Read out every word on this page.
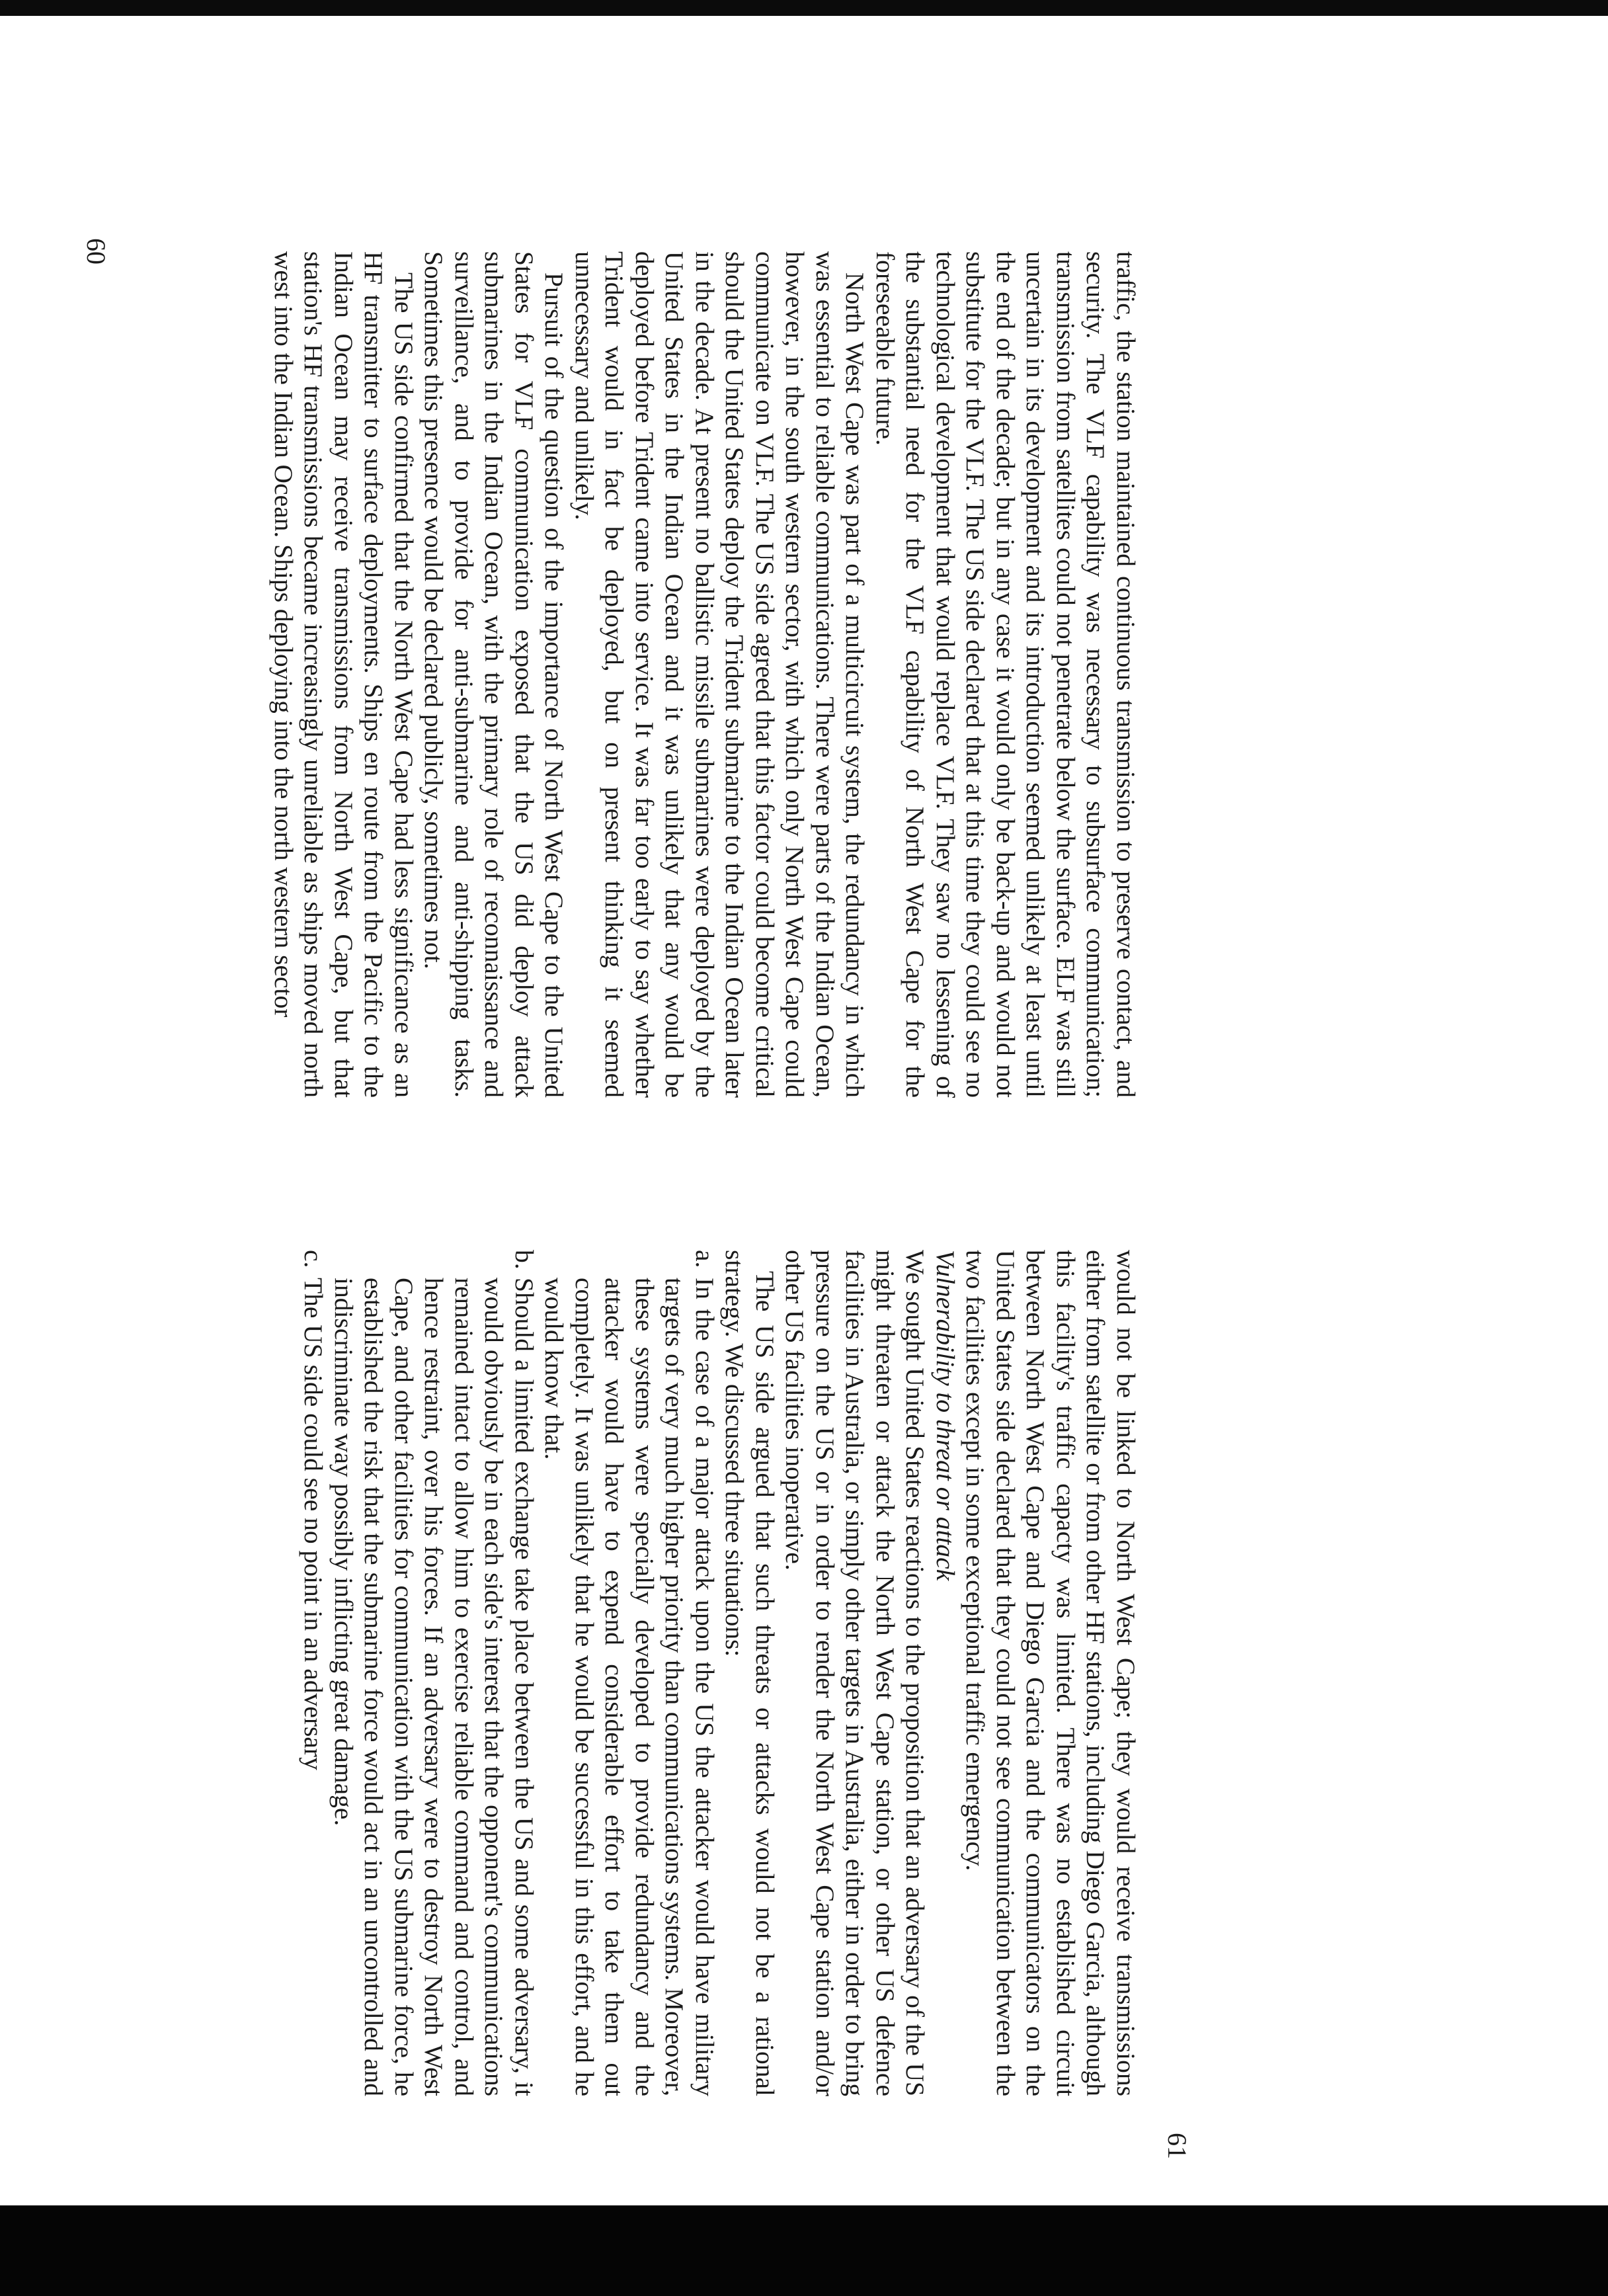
traffic, the station maintained continuous transmission to preserve contact, and security. The VLF capability was necessary to subsurface communication; transmission from satellites could not penetrate below the surface. ELF was still uncertain in its development and its introduction seemed unlikely at least until the end of the decade; but in any case it would only be back-up and would not substitute for the VLF. The US side declared that at this time they could see no technological development that would replace VLF. They saw no lessening of the substantial need for the VLF capability of North West Cape for the foreseeable future.

North West Cape was part of a multicircuit system, the redundancy in which was essential to reliable communications. There were parts of the Indian Ocean, however, in the south western sector, with which only North West Cape could communicate on VLF. The US side agreed that this factor could become critical should the United States deploy the Trident submarine to the Indian Ocean later in the decade. At present no ballistic missile submarines were deployed by the United States in the Indian Ocean and it was unlikely that any would be deployed before Trident came into service. It was far too early to say whether Trident would in fact be deployed, but on present thinking it seemed unnecessary and unlikely.

Pursuit of the question of the importance of North West Cape to the United States for VLF communication exposed that the US did deploy attack submarines in the Indian Ocean, with the primary role of reconnaissance and surveillance, and to provide for anti-submarine and anti-shipping tasks. Sometimes this presence would be declared publicly, sometimes not.

The US side confirmed that the North West Cape had less significance as an HF transmitter to surface deployments. Ships en route from the Pacific to the Indian Ocean may receive transmissions from North West Cape, but that station's HF transmissions became increasingly unreliable as ships moved north west into the Indian Ocean. Ships deploying into the north western sector

60

would not be linked to North West Cape; they would receive transmissions either from satellite or from other HF stations, including Diego Garcia, although this facility's traffic capacty was limited. There was no established circuit between North West Cape and Diego Garcia and the communicators on the United States side declared that they could not see communication between the two facilities except in some exceptional traffic emergency.

Vulnerability to threat or attack

We sought United States reactions to the proposition that an adversary of the US might threaten or attack the North West Cape station, or other US defence facilities in Australia, or simply other targets in Australia, either in order to bring pressure on the US or in order to render the North West Cape station and/or other US facilities inoperative.

The US side argued that such threats or attacks would not be a rational strategy. We discussed three situations:

a.
In the case of a major attack upon the US the attacker would have military targets of very much higher priority than communications systems. Moreover, these systems were specially developed to provide redundancy and the attacker would have to expend considerable effort to take them out completely. It was unlikely that he would be successful in this effort, and he would know that.
b.
Should a limited exchange take place between the US and some adversary, it would obviously be in each side's interest that the opponent's communications remained intact to allow him to exercise reliable command and control, and hence restraint, over his forces. If an adversary were to destroy North West Cape, and other facilities for communication with the US submarine force, he established the risk that the submarine force would act in an uncontrolled and indiscriminate way possibly inflicting great damage.
c.
The US side could see no point in an adversary
61
